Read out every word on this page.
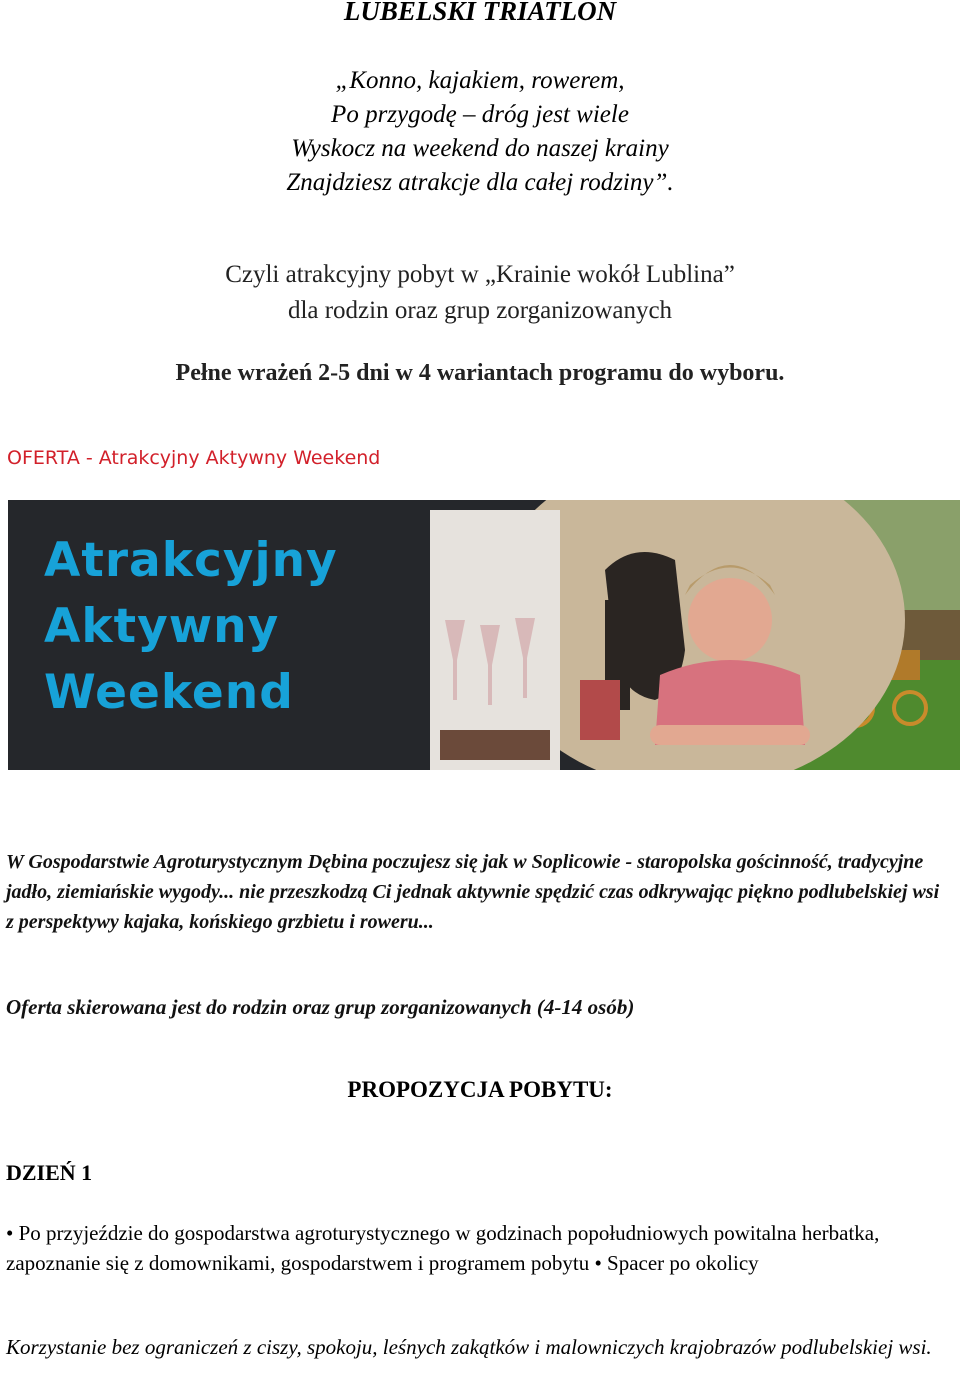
LUBELSKI TRIATLON
„Konno, kajakiem, rowerem,
Po przygodę – dróg jest wiele
Wyskocz na weekend do naszej krainy
Znajdziesz atrakcje dla całej rodziny”.
Czyli atrakcyjny pobyt w „Krainie wokół Lublina”
dla rodzin oraz grup zorganizowanych
Pełne wrażeń 2-5 dni w 4 wariantach programu do wyboru.
OFERTA - Atrakcyjny Aktywny Weekend
Atrakcyjny
Aktywny
Weekend
W Gospodarstwie Agroturystycznym Dębina poczujesz się jak w Soplicowie - staropolska gościnność, tradycyjne jadło, ziemiańskie wygody... nie przeszkodzą Ci jednak aktywnie spędzić czas odkrywając piękno podlubelskiej wsi z perspektywy kajaka, końskiego grzbietu i roweru...
Oferta skierowana jest do rodzin oraz grup zorganizowanych (4-14 osób)
PROPOZYCJA POBYTU:
DZIEŃ 1
• Po przyjeździe do gospodarstwa agroturystycznego w godzinach popołudniowych powitalna herbatka, zapoznanie się z domownikami, gospodarstwem i programem pobytu • Spacer po okolicy
Korzystanie bez ograniczeń z ciszy, spokoju, leśnych zakątków i malowniczych krajobrazów podlubelskiej wsi.
